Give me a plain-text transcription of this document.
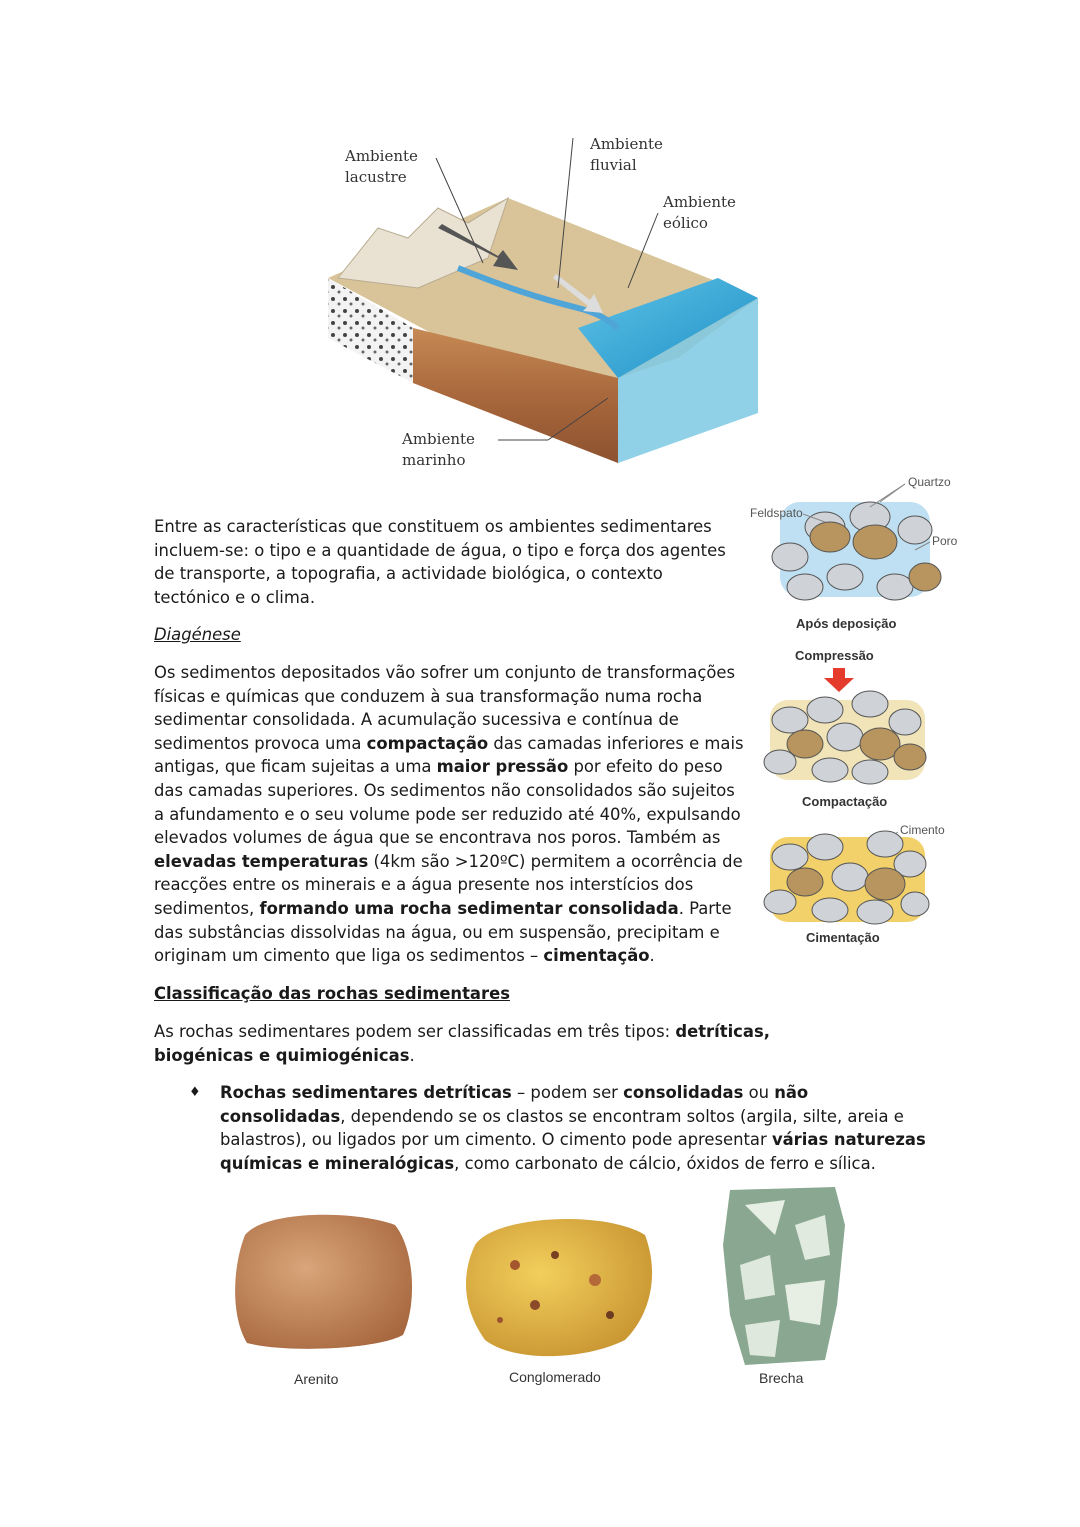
Ambiente
lacustre
Ambiente
fluvial
Ambiente
eólico
Ambiente
marinho
Feldspato
Quartzo
Poro
Após deposição
Compressão
Compactação
Cimento
Cimentação

Entre as características que constituem os ambientes sedimentares incluem-se: o tipo e a quantidade de água, o tipo e força dos agentes de transporte, a topografia, a actividade biológica, o contexto tectónico e o clima.

Diagénese

Os sedimentos depositados vão sofrer um conjunto de transformações físicas e químicas que conduzem à sua transformação numa rocha sedimentar consolidada. A acumulação sucessiva e contínua de sedimentos provoca uma compactação das camadas inferiores e mais antigas, que ficam sujeitas a uma maior pressão por efeito do peso das camadas superiores. Os sedimentos não consolidados são sujeitos a afundamento e o seu volume pode ser reduzido até 40%, expulsando elevados volumes de água que se encontrava nos poros. Também as elevadas temperaturas (4km são >120ºC) permitem a ocorrência de reacções entre os minerais e a água presente nos interstícios dos sedimentos, formando uma rocha sedimentar consolidada. Parte das substâncias dissolvidas na água, ou em suspensão, precipitam e originam um cimento que liga os sedimentos – cimentação.

Classificação das rochas sedimentares

As rochas sedimentares podem ser classificadas em três tipos: detríticas, biogénicas e quimiogénicas.

♦ Rochas sedimentares detríticas – podem ser consolidadas ou não consolidadas, dependendo se os clastos se encontram soltos (argila, silte, areia e balastros), ou ligados por um cimento. O cimento pode apresentar várias naturezas químicas e mineralógicas, como carbonato de cálcio, óxidos de ferro e sílica.

Arenito	Conglomerado	Brecha
